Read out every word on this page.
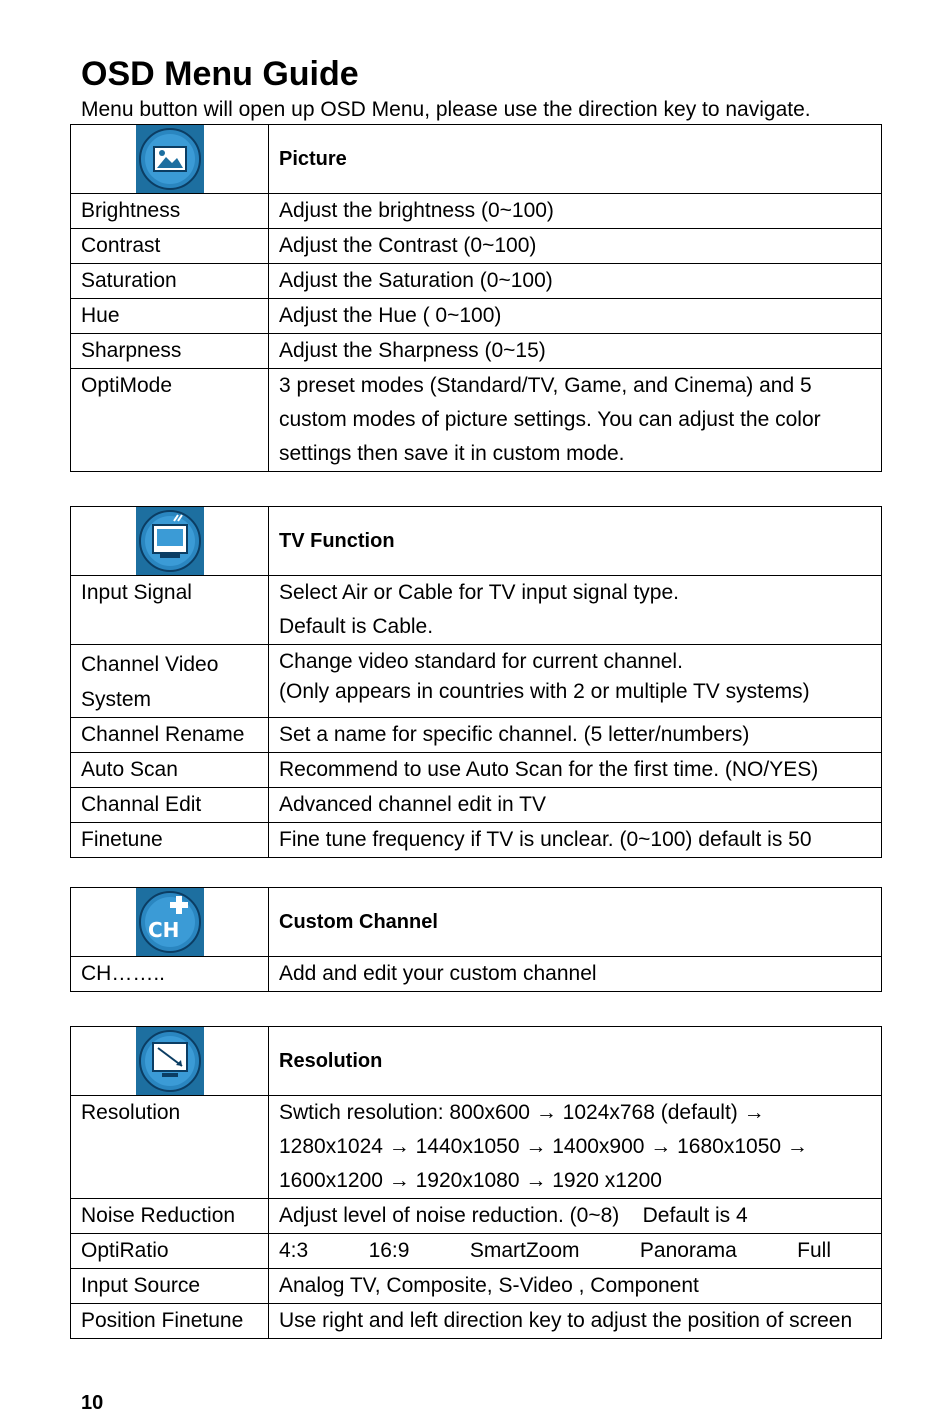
OSD Menu Guide
Menu button will open up OSD Menu, please use the direction key to navigate.
	Picture
Brightness	Adjust the brightness (0~100)
Contrast	Adjust the Contrast (0~100)
Saturation	Adjust the Saturation (0~100)
Hue	Adjust the Hue ( 0~100)
Sharpness	Adjust the Sharpness (0~15)
OptiMode	3 preset modes (Standard/TV, Game, and Cinema) and 5 custom modes of picture settings. You can adjust the color settings then save it in custom mode.
	TV Function
Input Signal	Select Air or Cable for TV input signal type.
Default is Cable.

Channel Video System	Change video standard for current channel.
(Only appears in countries with 2 or multiple TV systems)

Channel Rename	Set a name for specific channel. (5 letter/numbers)
Auto Scan	Recommend to use Auto Scan for the first time. (NO/YES)
Channal Edit	Advanced channel edit in TV
Finetune	Fine tune frequency if TV is unclear. (0~100) default is 50
CH	Custom Channel
CH……..	Add and edit your custom channel
	Resolution
Resolution	Swtich resolution: 800x600 → 1024x768 (default) → 1280x1024 → 1440x1050 → 1400x900 → 1680x1050 → 1600x1200 → 1920x1080 → 1920 x1200
Noise Reduction	Adjust level of noise reduction. (0~8)    Default is 4
OptiRatio	4:3 16:9 SmartZoom Panorama Full

Input Source	Analog TV, Composite, S-Video , Component
Position Finetune	Use right and left direction key to adjust the position of screen
10
